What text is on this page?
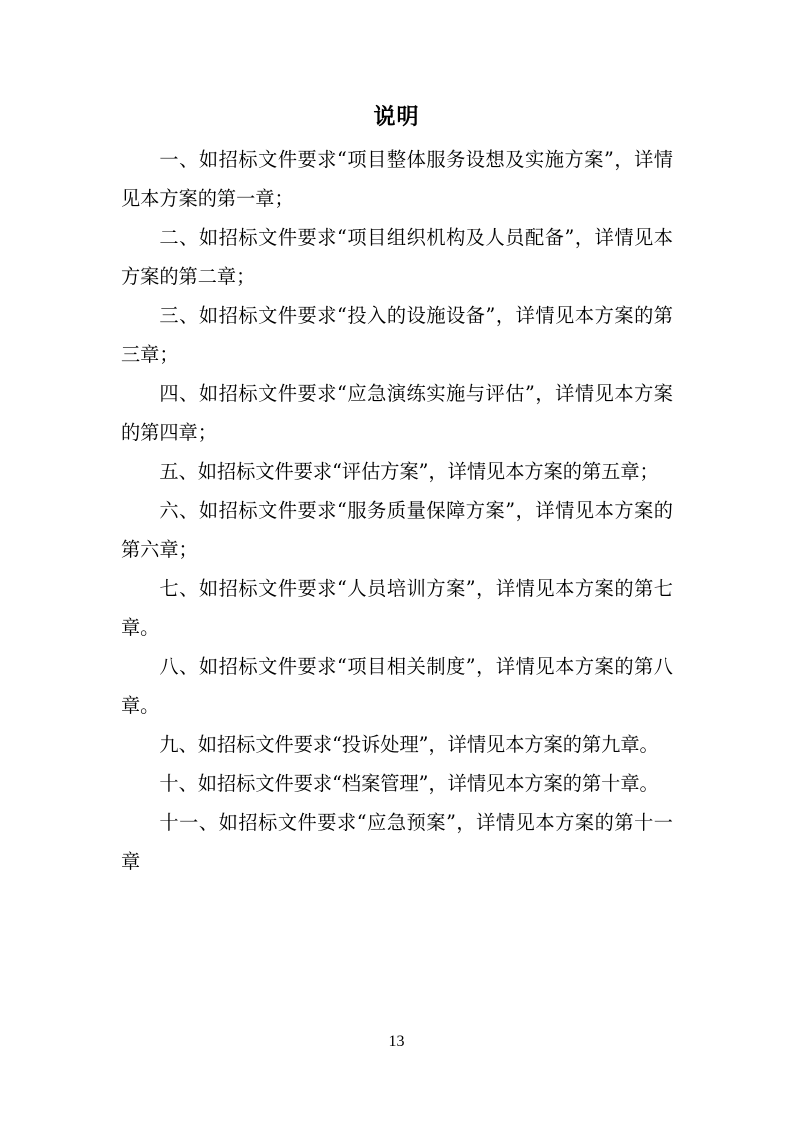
说明

一、如招标文件要求“项目整体服务设想及实施方案”，详情见本方案的第一章；

二、如招标文件要求“项目组织机构及人员配备”，详情见本方案的第二章；

三、如招标文件要求“投入的设施设备”，详情见本方案的第三章；

四、如招标文件要求“应急演练实施与评估”，详情见本方案的第四章；

五、如招标文件要求“评估方案”，详情见本方案的第五章；

六、如招标文件要求“服务质量保障方案”，详情见本方案的第六章；

七、如招标文件要求“人员培训方案”，详情见本方案的第七章。

八、如招标文件要求“项目相关制度”，详情见本方案的第八章。

九、如招标文件要求“投诉处理”，详情见本方案的第九章。

十、如招标文件要求“档案管理”，详情见本方案的第十章。

十一、如招标文件要求“应急预案”，详情见本方案的第十一章

13
